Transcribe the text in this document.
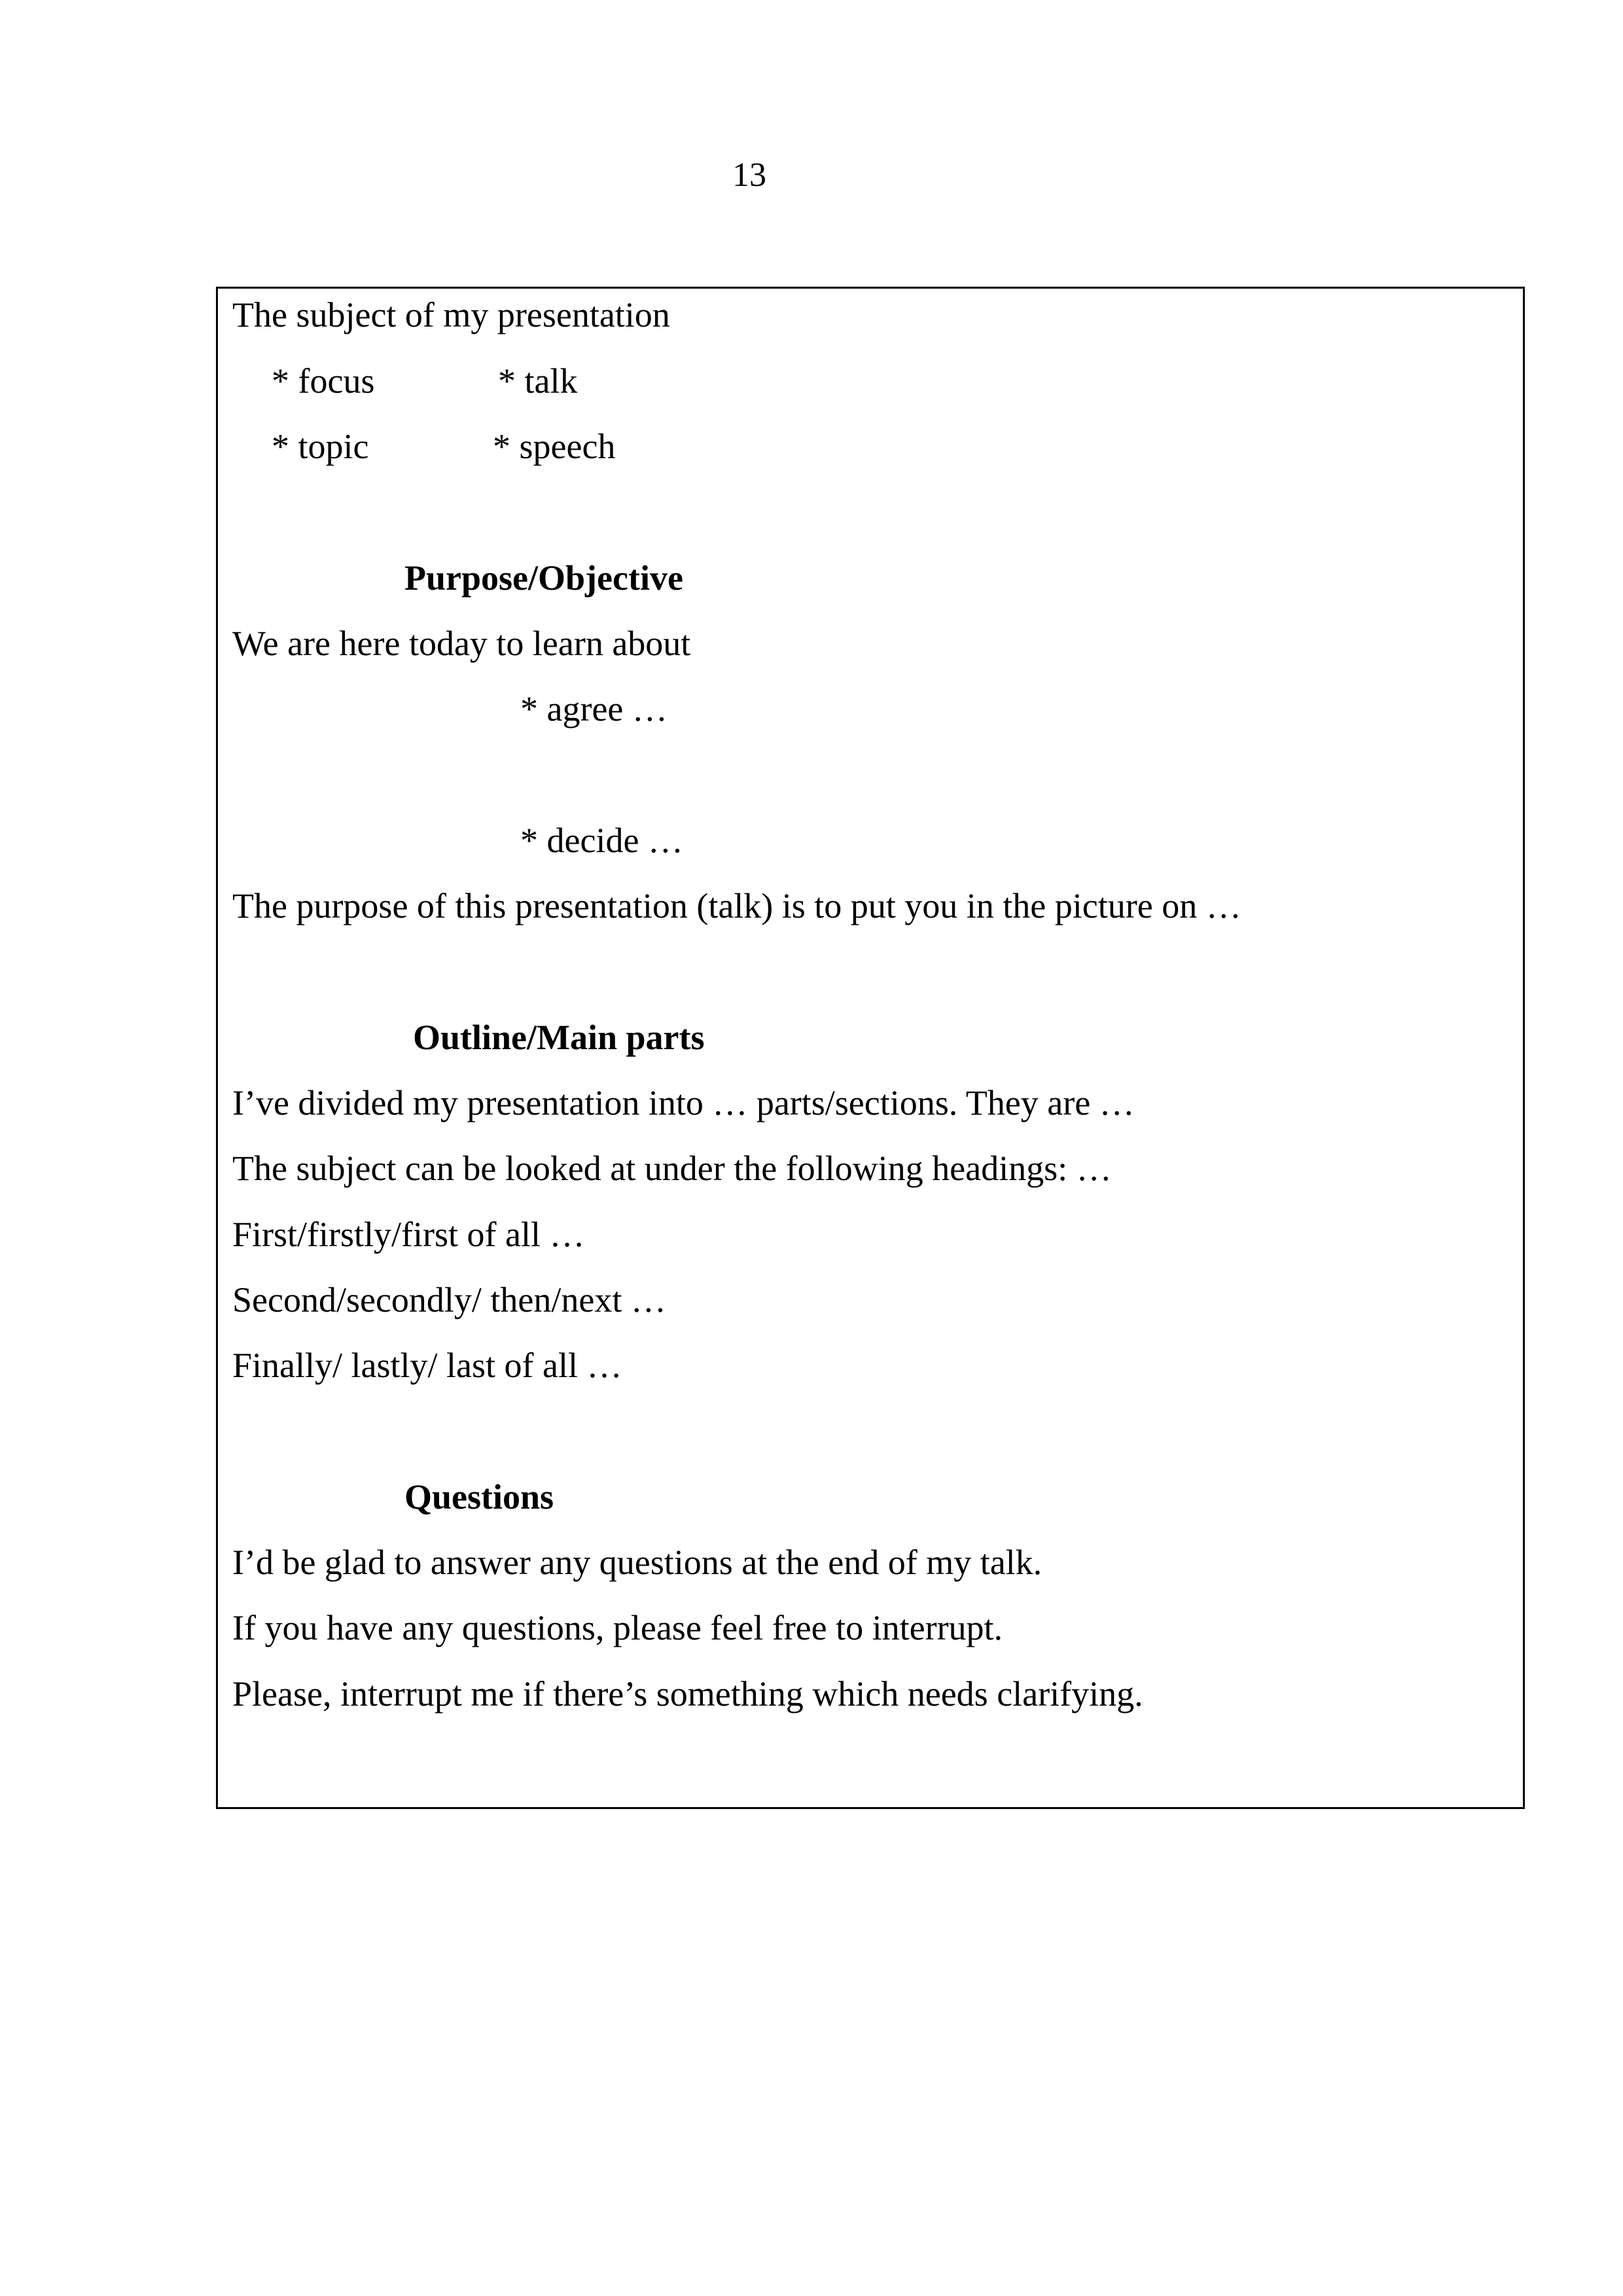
13
The subject of my presentation
* focus	* talk
* topic	* speech
Purpose/Objective
We are here today to learn about
* agree …
* decide …
The purpose of this presentation (talk) is to put you in the picture on …
Outline/Main parts
I’ve divided my presentation into … parts/sections. They are …
The subject can be looked at under the following headings: …
First/firstly/first of all …
Second/secondly/ then/next …
Finally/ lastly/ last of all …
Questions
I’d be glad to answer any questions at the end of my talk.
If you have any questions, please feel free to interrupt.
Please, interrupt me if there’s something which needs clarifying.
